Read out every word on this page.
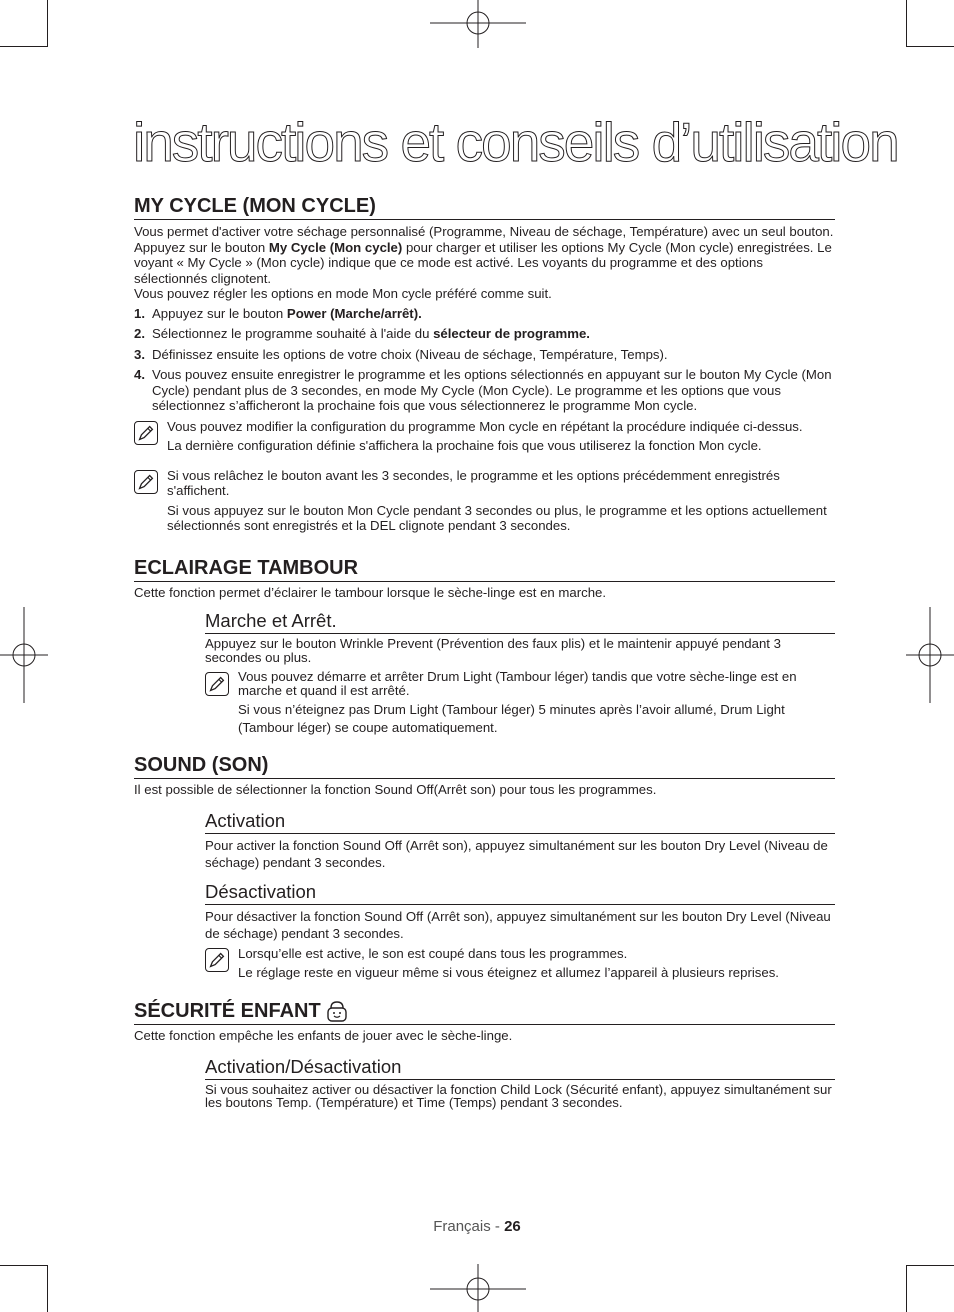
instructions et conseils d’utilisation
MY CYCLE (MON CYCLE)

Vous permet d'activer votre séchage personnalisé (Programme, Niveau de séchage, Température) avec un seul bouton.

Appuyez sur le bouton My Cycle (Mon cycle) pour charger et utiliser les options My Cycle (Mon cycle) enregistrées. Le voyant « My Cycle » (Mon cycle) indique que ce mode est activé. Les voyants du programme et des options sélectionnés clignotent.

Vous pouvez régler les options en mode Mon cycle préféré comme suit.

1. Appuyez sur le bouton Power (Marche/arrêt).
2. Sélectionnez le programme souhaité à l'aide du sélecteur de programme.
3. Définissez ensuite les options de votre choix (Niveau de séchage, Température, Temps).
4. Vous pouvez ensuite enregistrer le programme et les options sélectionnés en appuyant sur le bouton My Cycle (Mon Cycle) pendant plus de 3 secondes, en mode My Cycle (Mon Cycle). Le programme et les options que vous sélectionnez s’afficheront la prochaine fois que vous sélectionnerez le programme Mon cycle.

Vous pouvez modifier la configuration du programme Mon cycle en répétant la procédure indiquée ci-dessus.

La dernière configuration définie s'affichera la prochaine fois que vous utiliserez la fonction Mon cycle.

Si vous relâchez le bouton avant les 3 secondes, le programme et les options précédemment enregistrés s'affichent.

Si vous appuyez sur le bouton Mon Cycle pendant 3 secondes ou plus, le programme et les options actuellement sélectionnés sont enregistrés et la DEL clignote pendant 3 secondes.

ECLAIRAGE TAMBOUR

Cette fonction permet d’éclairer le tambour lorsque le sèche-linge est en marche.

Marche et Arrêt.

Appuyez sur le bouton Wrinkle Prevent (Prévention des faux plis) et le maintenir appuyé pendant 3 secondes ou plus.

Vous pouvez démarre et arrêter Drum Light (Tambour léger) tandis que votre sèche-linge est en marche et quand il est arrêté.

Si vous n’éteignez pas Drum Light (Tambour léger) 5 minutes après l’avoir allumé, Drum Light (Tambour léger) se coupe automatiquement.

SOUND (SON)

Il est possible de sélectionner la fonction Sound Off(Arrêt son) pour tous les programmes.

Activation

Pour activer la fonction Sound Off (Arrêt son), appuyez simultanément sur les bouton Dry Level (Niveau de séchage) pendant 3 secondes.

Désactivation

Pour désactiver la fonction Sound Off (Arrêt son), appuyez simultanément sur les bouton Dry Level (Niveau de séchage) pendant 3 secondes.

Lorsqu’elle est active, le son est coupé dans tous les programmes.

Le réglage reste en vigueur même si vous éteignez et allumez l’appareil à plusieurs reprises.

SÉCURITÉ ENFANT

Cette fonction empêche les enfants de jouer avec le sèche-linge.

Activation/Désactivation

Si vous souhaitez activer ou désactiver la fonction Child Lock (Sécurité enfant), appuyez simultanément sur les boutons Temp. (Température) et Time (Temps) pendant 3 secondes.

Français - 26
